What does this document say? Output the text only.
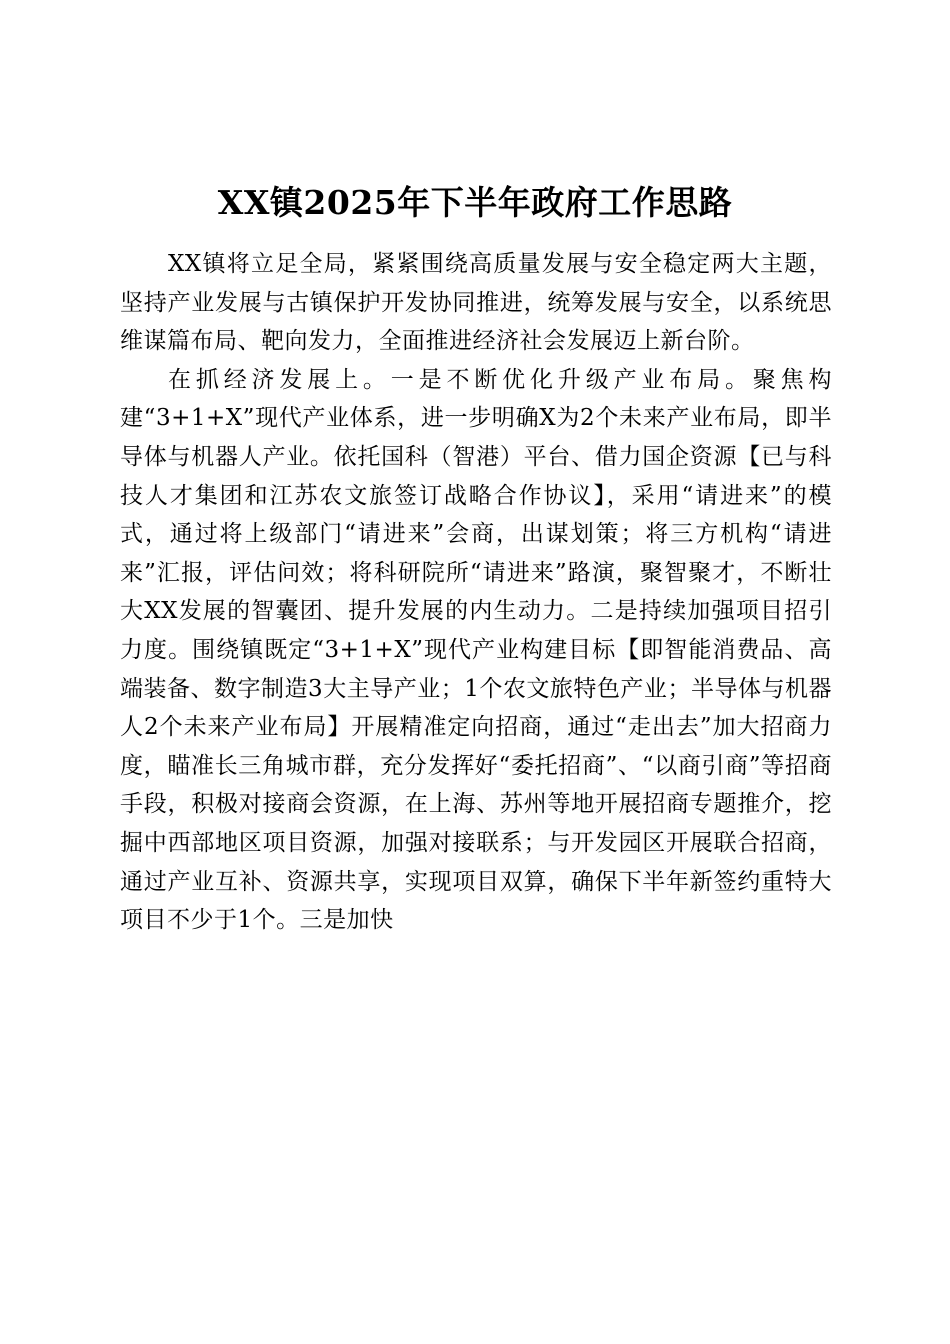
XX镇2025年下半年政府工作思路

XX镇将立足全局，紧紧围绕高质量发展与安全稳定两大主题，坚持产业发展与古镇保护开发协同推进，统筹发展与安全，以系统思维谋篇布局、靶向发力，全面推进经济社会发展迈上新台阶。

在抓经济发展上。一是不断优化升级产业布局。聚焦构建“3+1+X”现代产业体系，进一步明确X为2个未来产业布局，即半导体与机器人产业。依托国科（智港）平台、借力国企资源【已与科技人才集团和江苏农文旅签订战略合作协议】，采用“请进来”的模式，通过将上级部门“请进来”会商，出谋划策；将三方机构“请进来”汇报，评估问效；将科研院所“请进来”路演，聚智聚才，不断壮大XX发展的智囊团、提升发展的内生动力。二是持续加强项目招引力度。围绕镇既定“3+1+X”现代产业构建目标【即智能消费品、高端装备、数字制造3大主导产业；1个农文旅特色产业；半导体与机器人2个未来产业布局】开展精准定向招商，通过“走出去”加大招商力度，瞄准长三角城市群，充分发挥好“委托招商”、“以商引商”等招商手段，积极对接商会资源，在上海、苏州等地开展招商专题推介，挖掘中西部地区项目资源，加强对接联系；与开发园区开展联合招商，通过产业互补、资源共享，实现项目双算，确保下半年新签约重特大项目不少于1个。三是加快
